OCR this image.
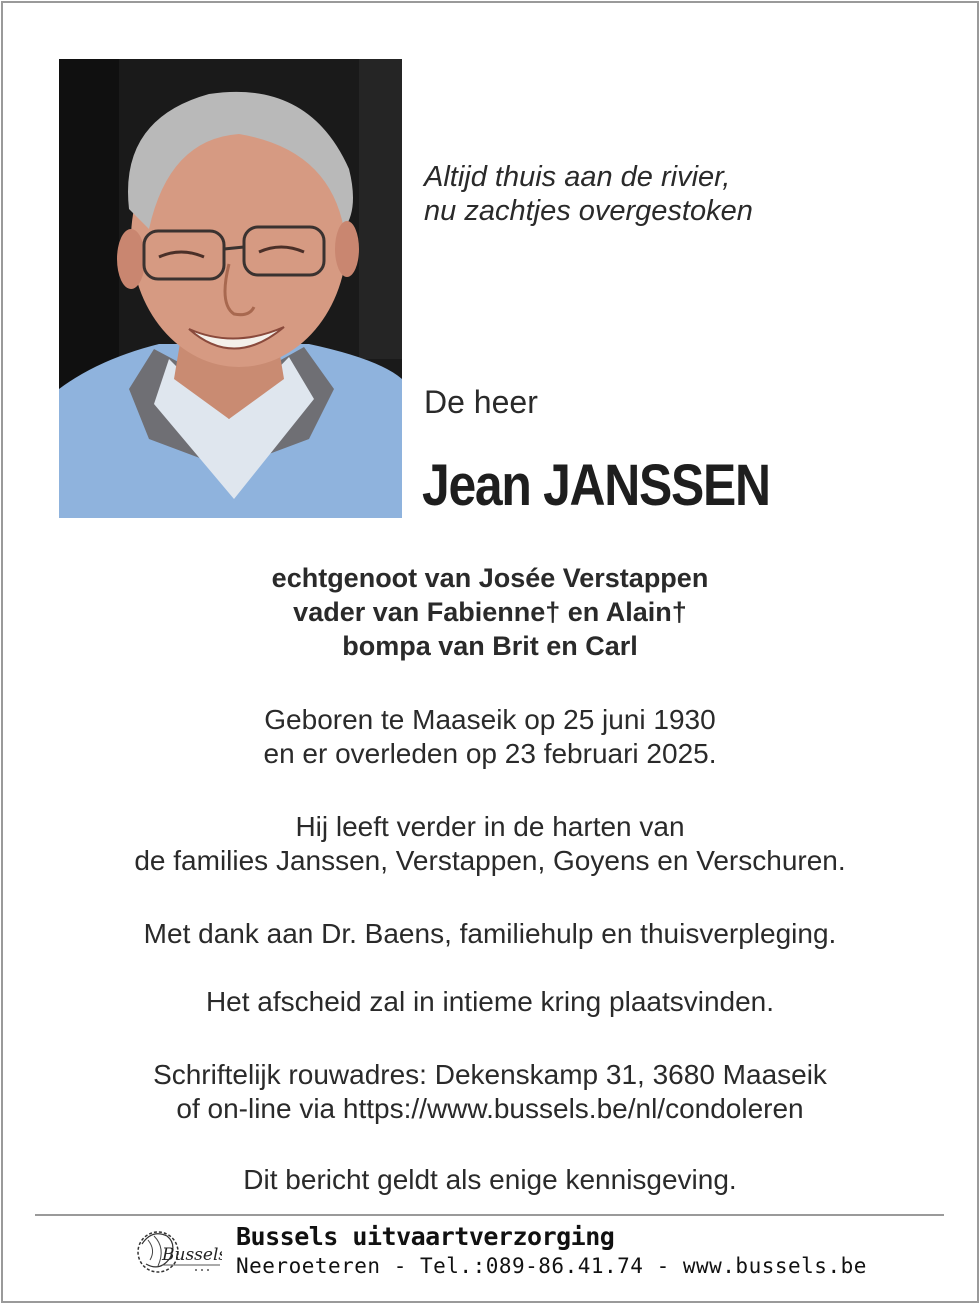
Altijd thuis aan de rivier,
nu zachtjes overgestoken
De heer
Jean JANSSEN

echtgenoot van Josée Verstappen

vader van Fabienne† en Alain†

bompa van Brit en Carl

Geboren te Maaseik op 25 juni 1930

en er overleden op 23 februari 2025.

Hij leeft verder in de harten van

de families Janssen, Verstappen, Goyens en Verschuren.

Met dank aan Dr. Baens, familiehulp en thuisverpleging.

Het afscheid zal in intieme kring plaatsvinden.

Schriftelijk rouwadres: Dekenskamp 31, 3680 Maaseik

of on-line via https://www.bussels.be/nl/condoleren

Dit bericht geldt als enige kennisgeving.

Bussels
Bussels uitvaartverzorging
Neeroeteren - Tel.:089-86.41.74 - www.bussels.be
